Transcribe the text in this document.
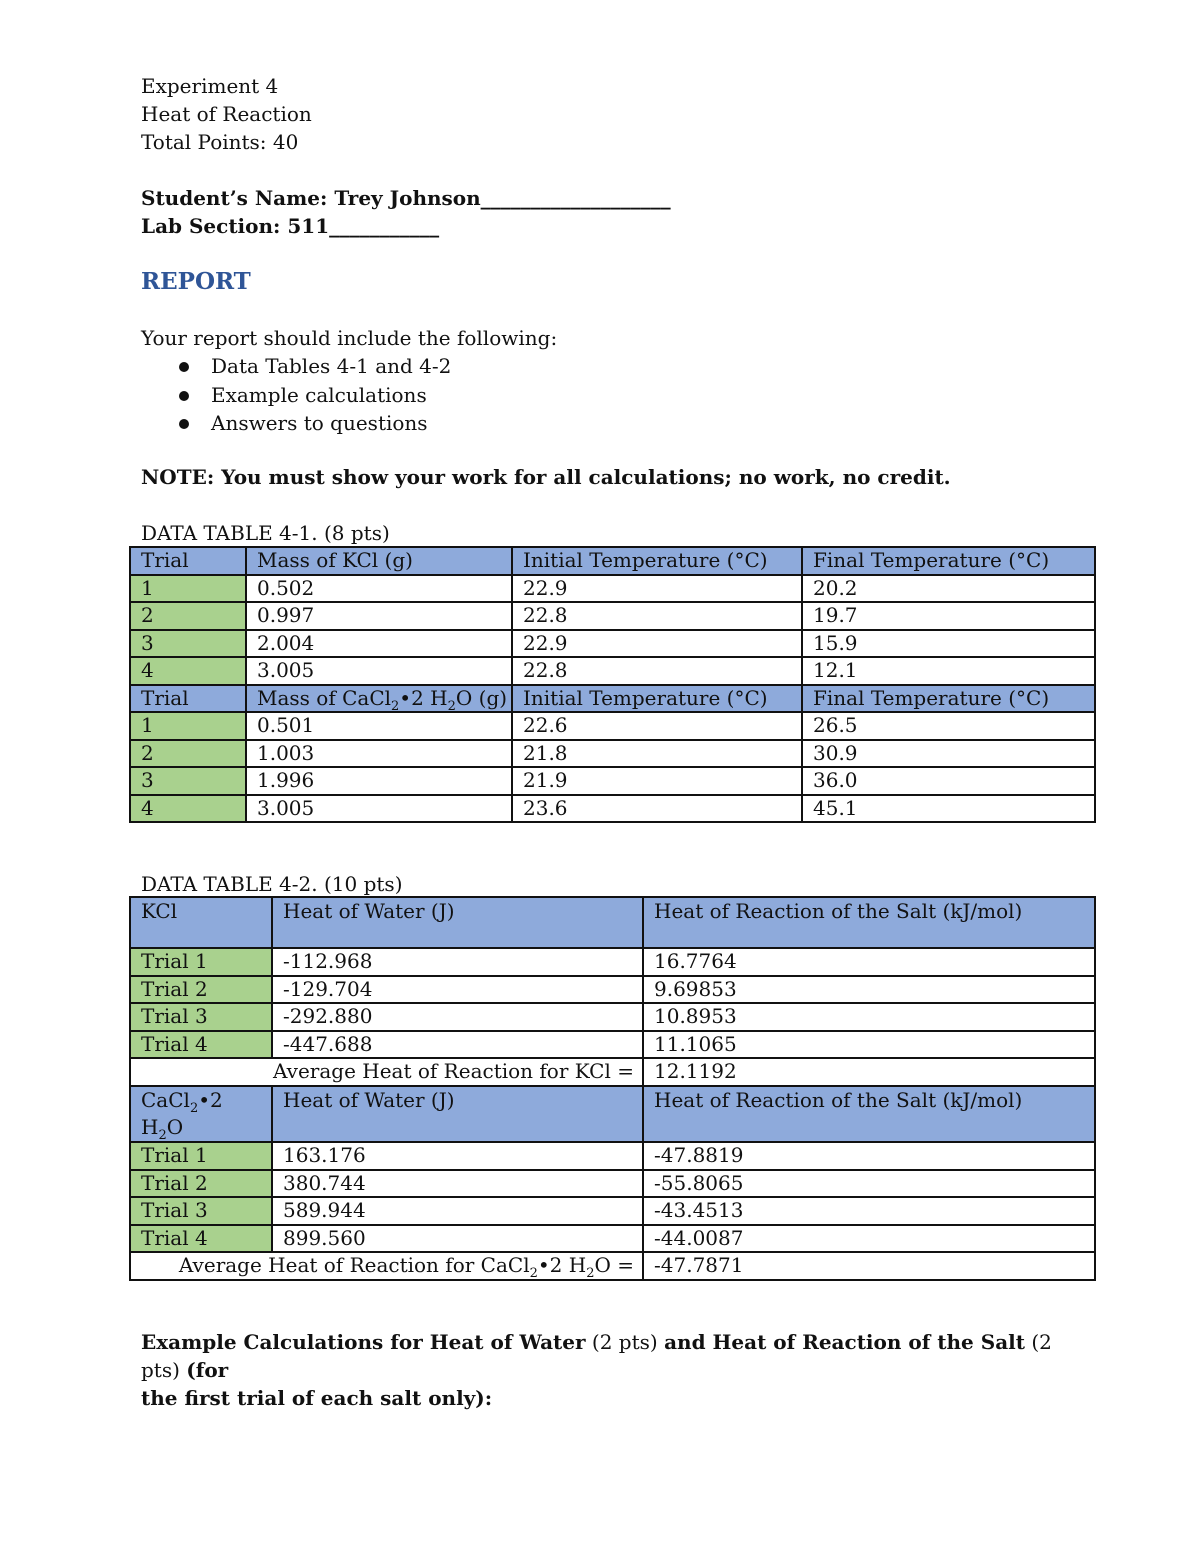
Experiment 4
Heat of Reaction
Total Points: 40
Student’s Name: Trey Johnson___________________
Lab Section: 511___________
REPORT
Your report should include the following:
Data Tables 4-1 and 4-2
Example calculations
Answers to questions
NOTE: You must show your work for all calculations; no work, no credit.
DATA TABLE 4-1. (8 pts)
Trial	Mass of KCl (g)	Initial Temperature (°C)	Final Temperature (°C)
1	0.502	22.9	20.2
2	0.997	22.8	19.7
3	2.004	22.9	15.9
4	3.005	22.8	12.1
Trial	Mass of CaCl$_2$•2 $H_2O$ (g)	Initial Temperature (°C)	Final Temperature (°C)
1	0.501	22.6	26.5
2	1.003	21.8	30.9
3	1.996	21.9	36.0
4	3.005	23.6	45.1
DATA TABLE 4-2. (10 pts)
KCl	Heat of Water (J)	Heat of Reaction of the Salt (kJ/mol)
Trial 1	-112.968	16.7764
Trial 2	-129.704	9.69853
Trial 3	-292.880	10.8953
Trial 4	-447.688	11.1065
Average Heat of Reaction for KCl =		12.1192
CaCl$_2$•2
$H_2O$	Heat of Water (J)	Heat of Reaction of the Salt (kJ/mol)
Trial 1	163.176	-47.8819
Trial 2	380.744	-55.8065
Trial 3	589.944	-43.4513
Trial 4	899.560	-44.0087
Average Heat of Reaction for CaCl$_2$•2 $H_2O$ =		-47.7871
Example Calculations for Heat of Water (2 pts) and Heat of Reaction of the Salt (2 pts) (for
the first trial of each salt only):
